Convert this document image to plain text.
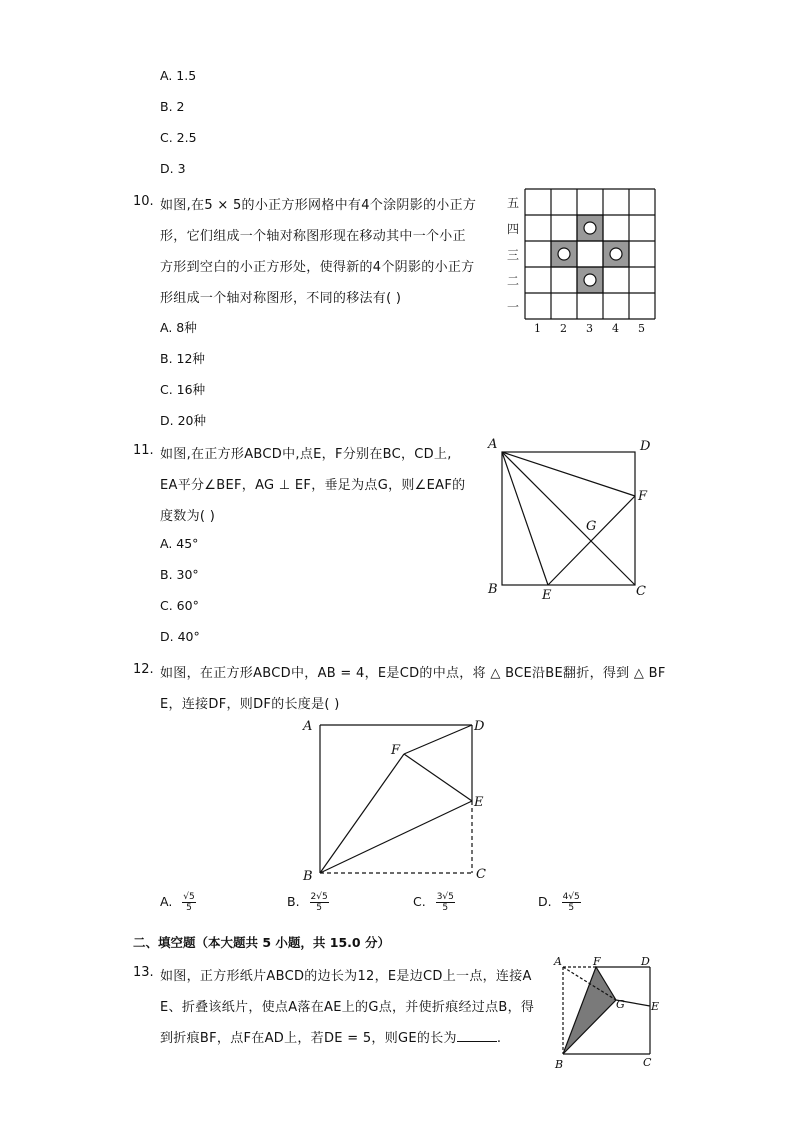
A. 1.5
B. 2
C. 2.5
D. 3
10. 如图,在5 × 5的小正方形网格中有4个涂阴影的小正方
形，它们组成一个轴对称图形现在移动其中一个小正
方形到空白的小正方形处，使得新的4个阴影的小正方
形组成一个轴对称图形，不同的移法有( )
A. 8种
B. 12种
C. 16种
D. 20种
五
四
三
二
一
1 2 3 4 5
11. 如图,在正方形ABCD中,点E，F分别在BC，CD上,
EA平分∠BEF，AG ⊥ EF，垂足为点G，则∠EAF的
度数为( )
A. 45°
B. 30°
C. 60°
D. 40°
A	D
B	C
E
F
G
12. 如图，在正方形ABCD中，AB = 4，E是CD的中点，将 △ BCE沿BE翻折，得到 △ BF
E，连接DF，则DF的长度是( )
A	D
B	C
E
F
A. $\frac{√5}{5}$	B. $\frac{2√5}{5}$	C. $\frac{3√5}{5}$	D. $\frac{4√5}{5}$
二、填空题（本大题共 5 小题，共 15.0 分）
13. 如图，正方形纸片ABCD的边长为12，E是边CD上一点，连接A
E、折叠该纸片，使点A落在AE上的G点，并使折痕经过点B，得
到折痕BF，点F在AD上，若DE = 5，则GE的长为	.
A	F	D
G E
B	C
